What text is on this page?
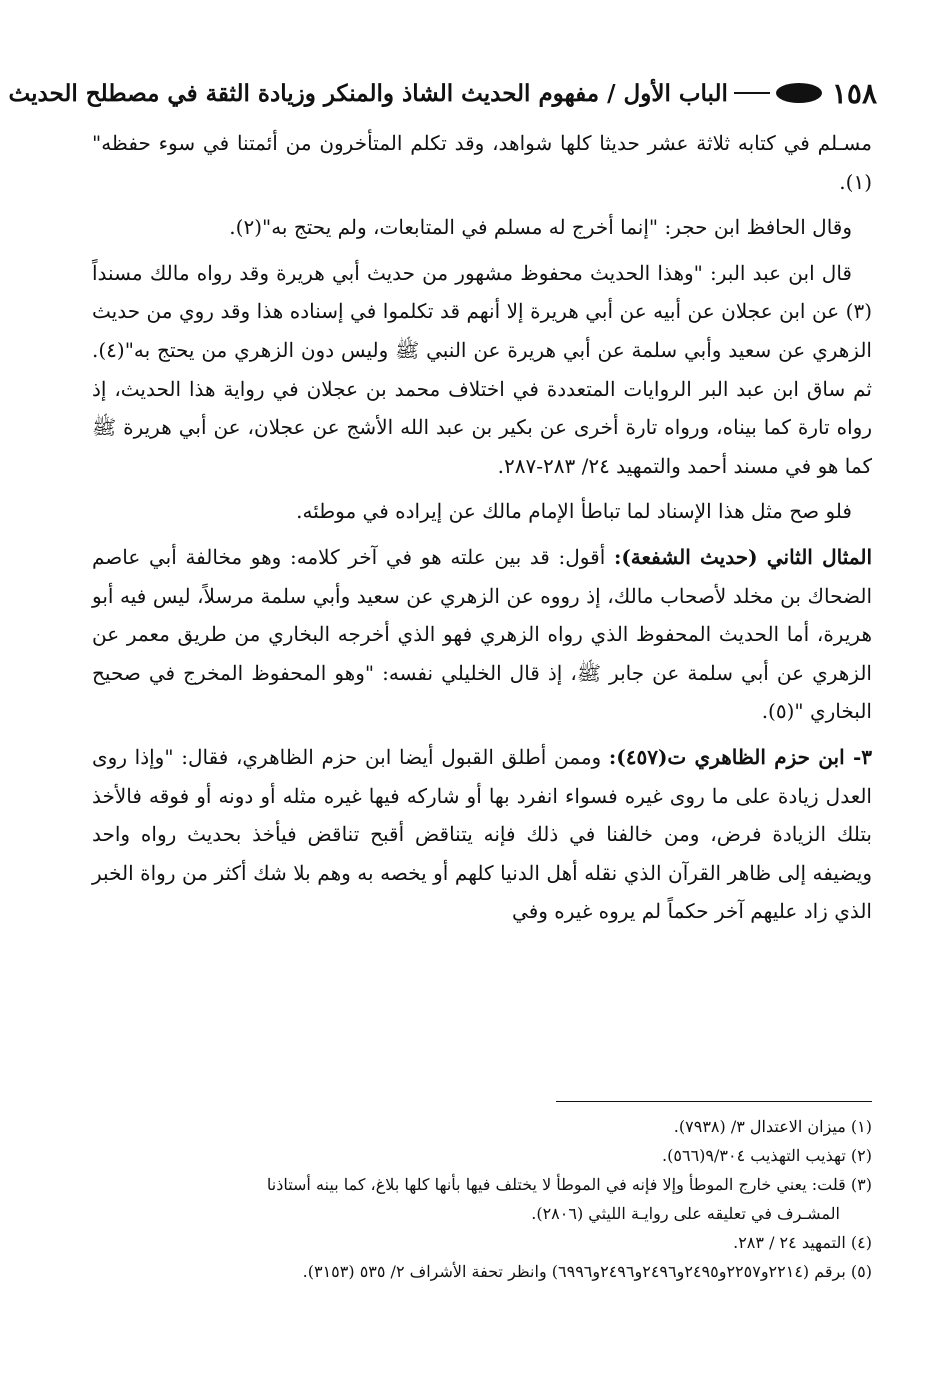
١٥٨
الباب الأول / مفهوم الحديث الشاذ والمنكر وزيادة الثقة في مصطلح الحديث

مسـلم في كتابه ثلاثة عشر حديثا كلها شواهد، وقد تكلم المتأخرون من أئمتنا في سوء حفظه"(١).

وقال الحافظ ابن حجر: "إنما أخرج له مسلم في المتابعات، ولم يحتج به"(٢).

قال ابن عبد البر: "وهذا الحديث محفوظ مشهور من حديث أبي هريرة وقد رواه مالك مسنداً (٣) عن ابن عجلان عن أبيه عن أبي هريرة إلا أنهم قد تكلموا في إسناده هذا وقد روي من حديث الزهري عن سعيد وأبي سلمة عن أبي هريرة عن النبي ﷺ وليس دون الزهري من يحتج به"(٤). ثم ساق ابن عبد البر الروايات المتعددة في اختلاف محمد بن عجلان في رواية هذا الحديث، إذ رواه تارة كما بيناه، ورواه تارة أخرى عن بكير بن عبد الله الأشج عن عجلان، عن أبي هريرة ﷺ كما هو في مسند أحمد والتمهيد ٢٤/ ٢٨٣-٢٨٧.

فلو صح مثل هذا الإسناد لما تباطأ الإمام مالك عن إيراده في موطئه.

المثال الثاني (حديث الشفعة): أقول: قد بين علته هو في آخر كلامه: وهو مخالفة أبي عاصم الضحاك بن مخلد لأصحاب مالك، إذ رووه عن الزهري عن سعيد وأبي سلمة مرسلاً، ليس فيه أبو هريرة، أما الحديث المحفوظ الذي رواه الزهري فهو الذي أخرجه البخاري من طريق معمر عن الزهري عن أبي سلمة عن جابر ﷺ، إذ قال الخليلي نفسه: "وهو المحفوظ المخرج في صحيح البخاري "(٥).

٣- ابن حزم الظاهري ت(٤٥٧): وممن أطلق القبول أيضا ابن حزم الظاهري، فقال: "وإذا روى العدل زيادة على ما روى غيره فسواء انفرد بها أو شاركه فيها غيره مثله أو دونه أو فوقه فالأخذ بتلك الزيادة فرض، ومن خالفنا في ذلك فإنه يتناقض أقبح تناقض فيأخذ بحديث رواه واحد ويضيفه إلى ظاهر القرآن الذي نقله أهل الدنيا كلهم أو يخصه به وهم بلا شك أكثر من رواة الخبر الذي زاد عليهم آخر حكماً لم يروه غيره وفي

(١) ميزان الاعتدال ٣/ (٧٩٣٨).

(٢) تهذيب التهذيب ٩/٣٠٤(٥٦٦).

(٣) قلت: يعني خارج الموطأ وإلا فإنه في الموطأ لا يختلف فيها بأنها كلها بلاغ، كما بينه أستاذنا

المشـرف في تعليقه على روايـة الليثي (٢٨٠٦).

(٤) التمهيد ٢٤ / ٢٨٣.

(٥) برقم (٢٢١٤و٢٢٥٧و٢٤٩٥و٢٤٩٦و٢٤٩٦و٦٩٩٦) وانظر تحفة الأشراف ٢/ ٥٣٥ (٣١٥٣).
